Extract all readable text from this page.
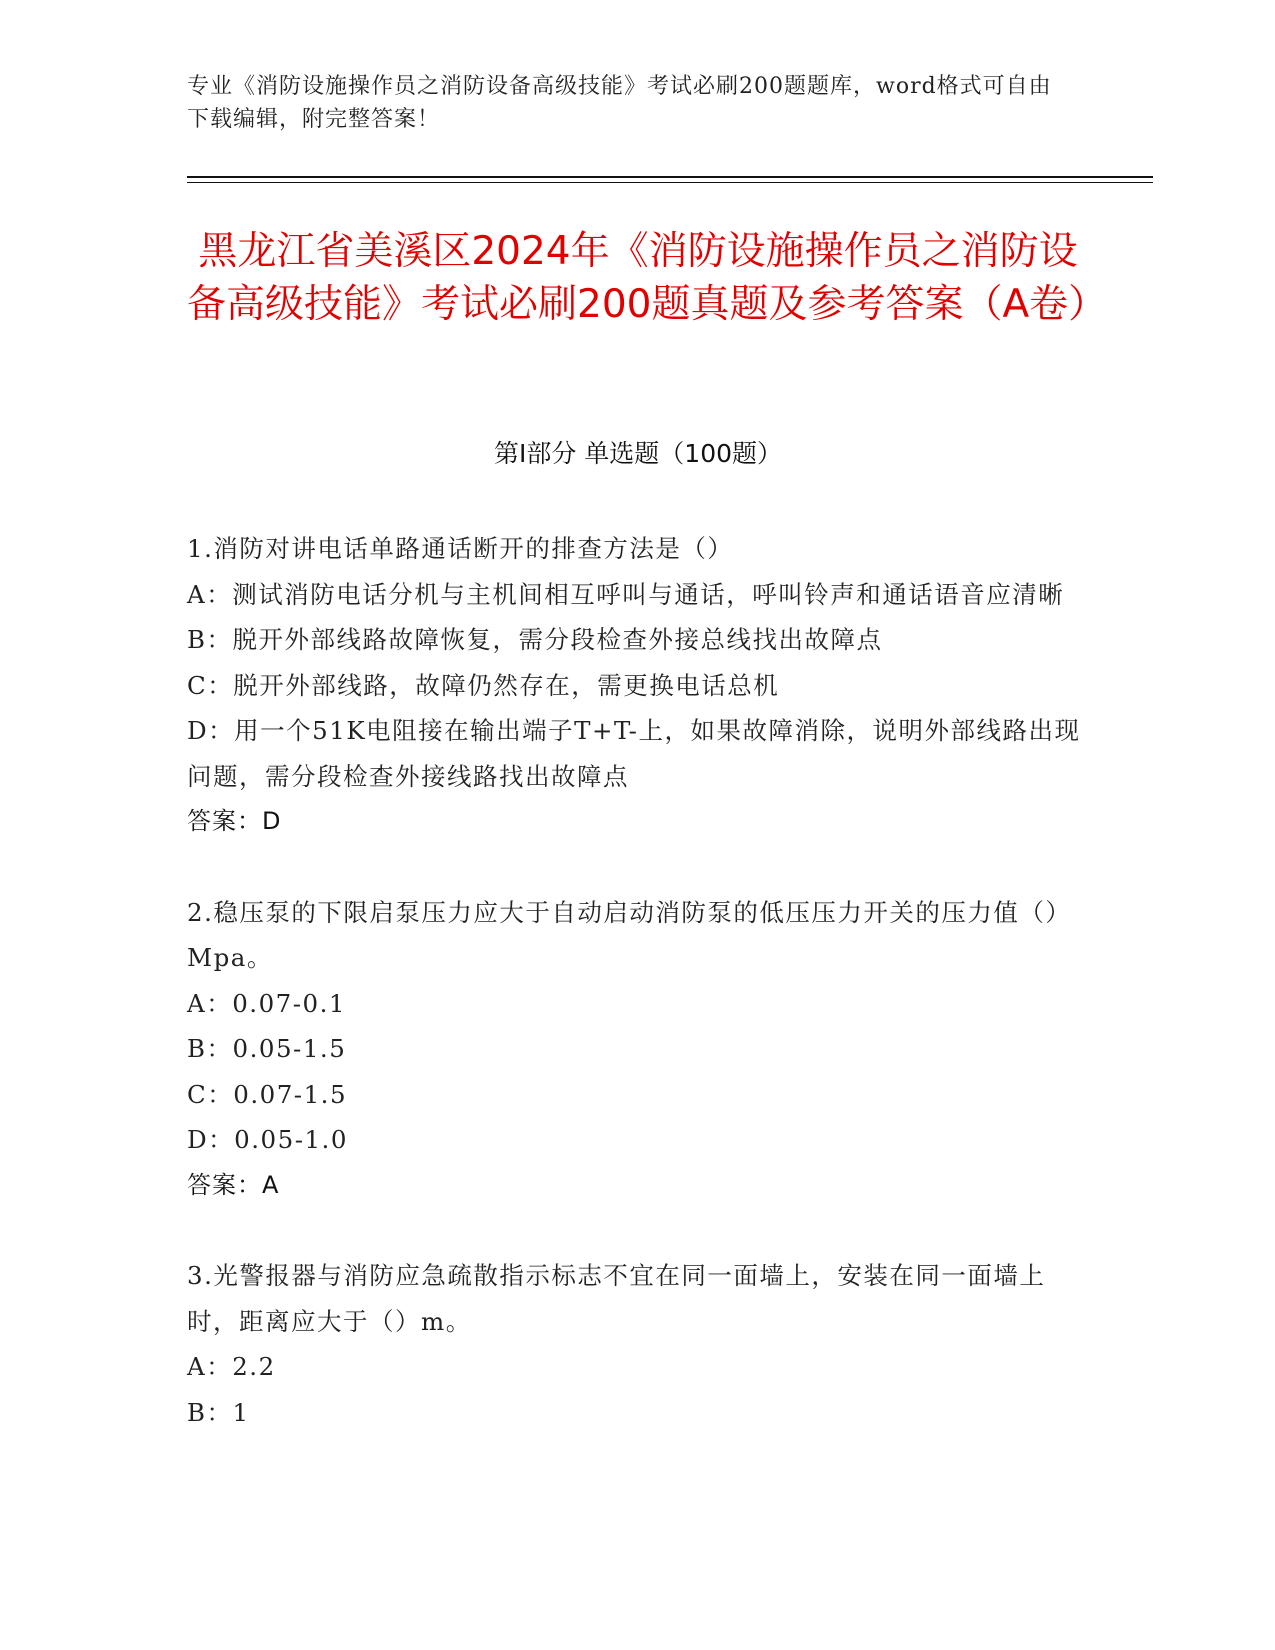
专业《消防设施操作员之消防设备高级技能》考试必刷200题题库，word格式可自由下载编辑，附完整答案！
黑龙江省美溪区2024年《消防设施操作员之消防设备高级技能》考试必刷200题真题及参考答案（A卷）
第Ⅰ部分 单选题（100题）
1.消防对讲电话单路通话断开的排查方法是（）
A：测试消防电话分机与主机间相互呼叫与通话，呼叫铃声和通话语音应清晰
B：脱开外部线路故障恢复，需分段检查外接总线找出故障点
C：脱开外部线路，故障仍然存在，需更换电话总机
D：用一个51K电阻接在输出端子T+T-上，如果故障消除，说明外部线路出现问题，需分段检查外接线路找出故障点
答案：D
2.稳压泵的下限启泵压力应大于自动启动消防泵的低压压力开关的压力值（）Mpa。
A：0.07-0.1
B：0.05-1.5
C：0.07-1.5
D：0.05-1.0
答案：A
3.光警报器与消防应急疏散指示标志不宜在同一面墙上，安装在同一面墙上时，距离应大于（）m。
A：2.2
B：1
